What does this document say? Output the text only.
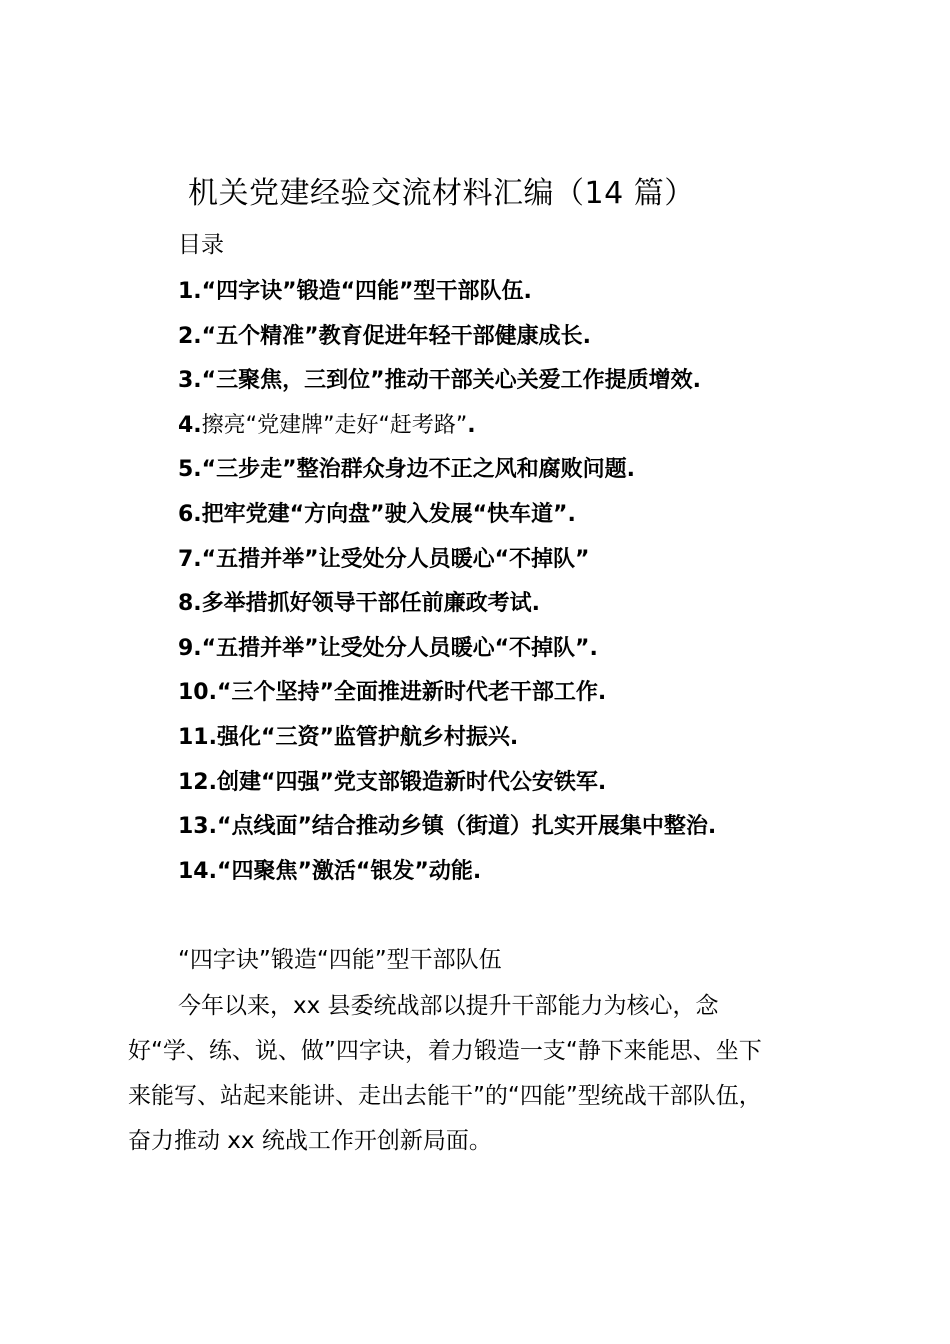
机关党建经验交流材料汇编（14 篇）
目录
1.“四字诀”锻造“四能”型干部队伍.
2.“五个精准”教育促进年轻干部健康成长.
3.“三聚焦，三到位”推动干部关心关爱工作提质增效.
4.擦亮“党建牌”走好“赶考路”.
5.“三步走”整治群众身边不正之风和腐败问题.
6.把牢党建“方向盘”驶入发展“快车道”.
7.“五措并举”让受处分人员暖心“不掉队”
8.多举措抓好领导干部任前廉政考试.
9.“五措并举”让受处分人员暖心“不掉队”.
10.“三个坚持”全面推进新时代老干部工作.
11.强化“三资”监管护航乡村振兴.
12.创建“四强”党支部锻造新时代公安铁军.
13.“点线面”结合推动乡镇（街道）扎实开展集中整治.
14.“四聚焦”激活“银发”动能.
“四字诀”锻造“四能”型干部队伍
今年以来，xx 县委统战部以提升干部能力为核心，念
好“学、练、说、做”四字诀，着力锻造一支“静下来能思、坐下
来能写、站起来能讲、走出去能干”的“四能”型统战干部队伍，
奋力推动 xx 统战工作开创新局面。
